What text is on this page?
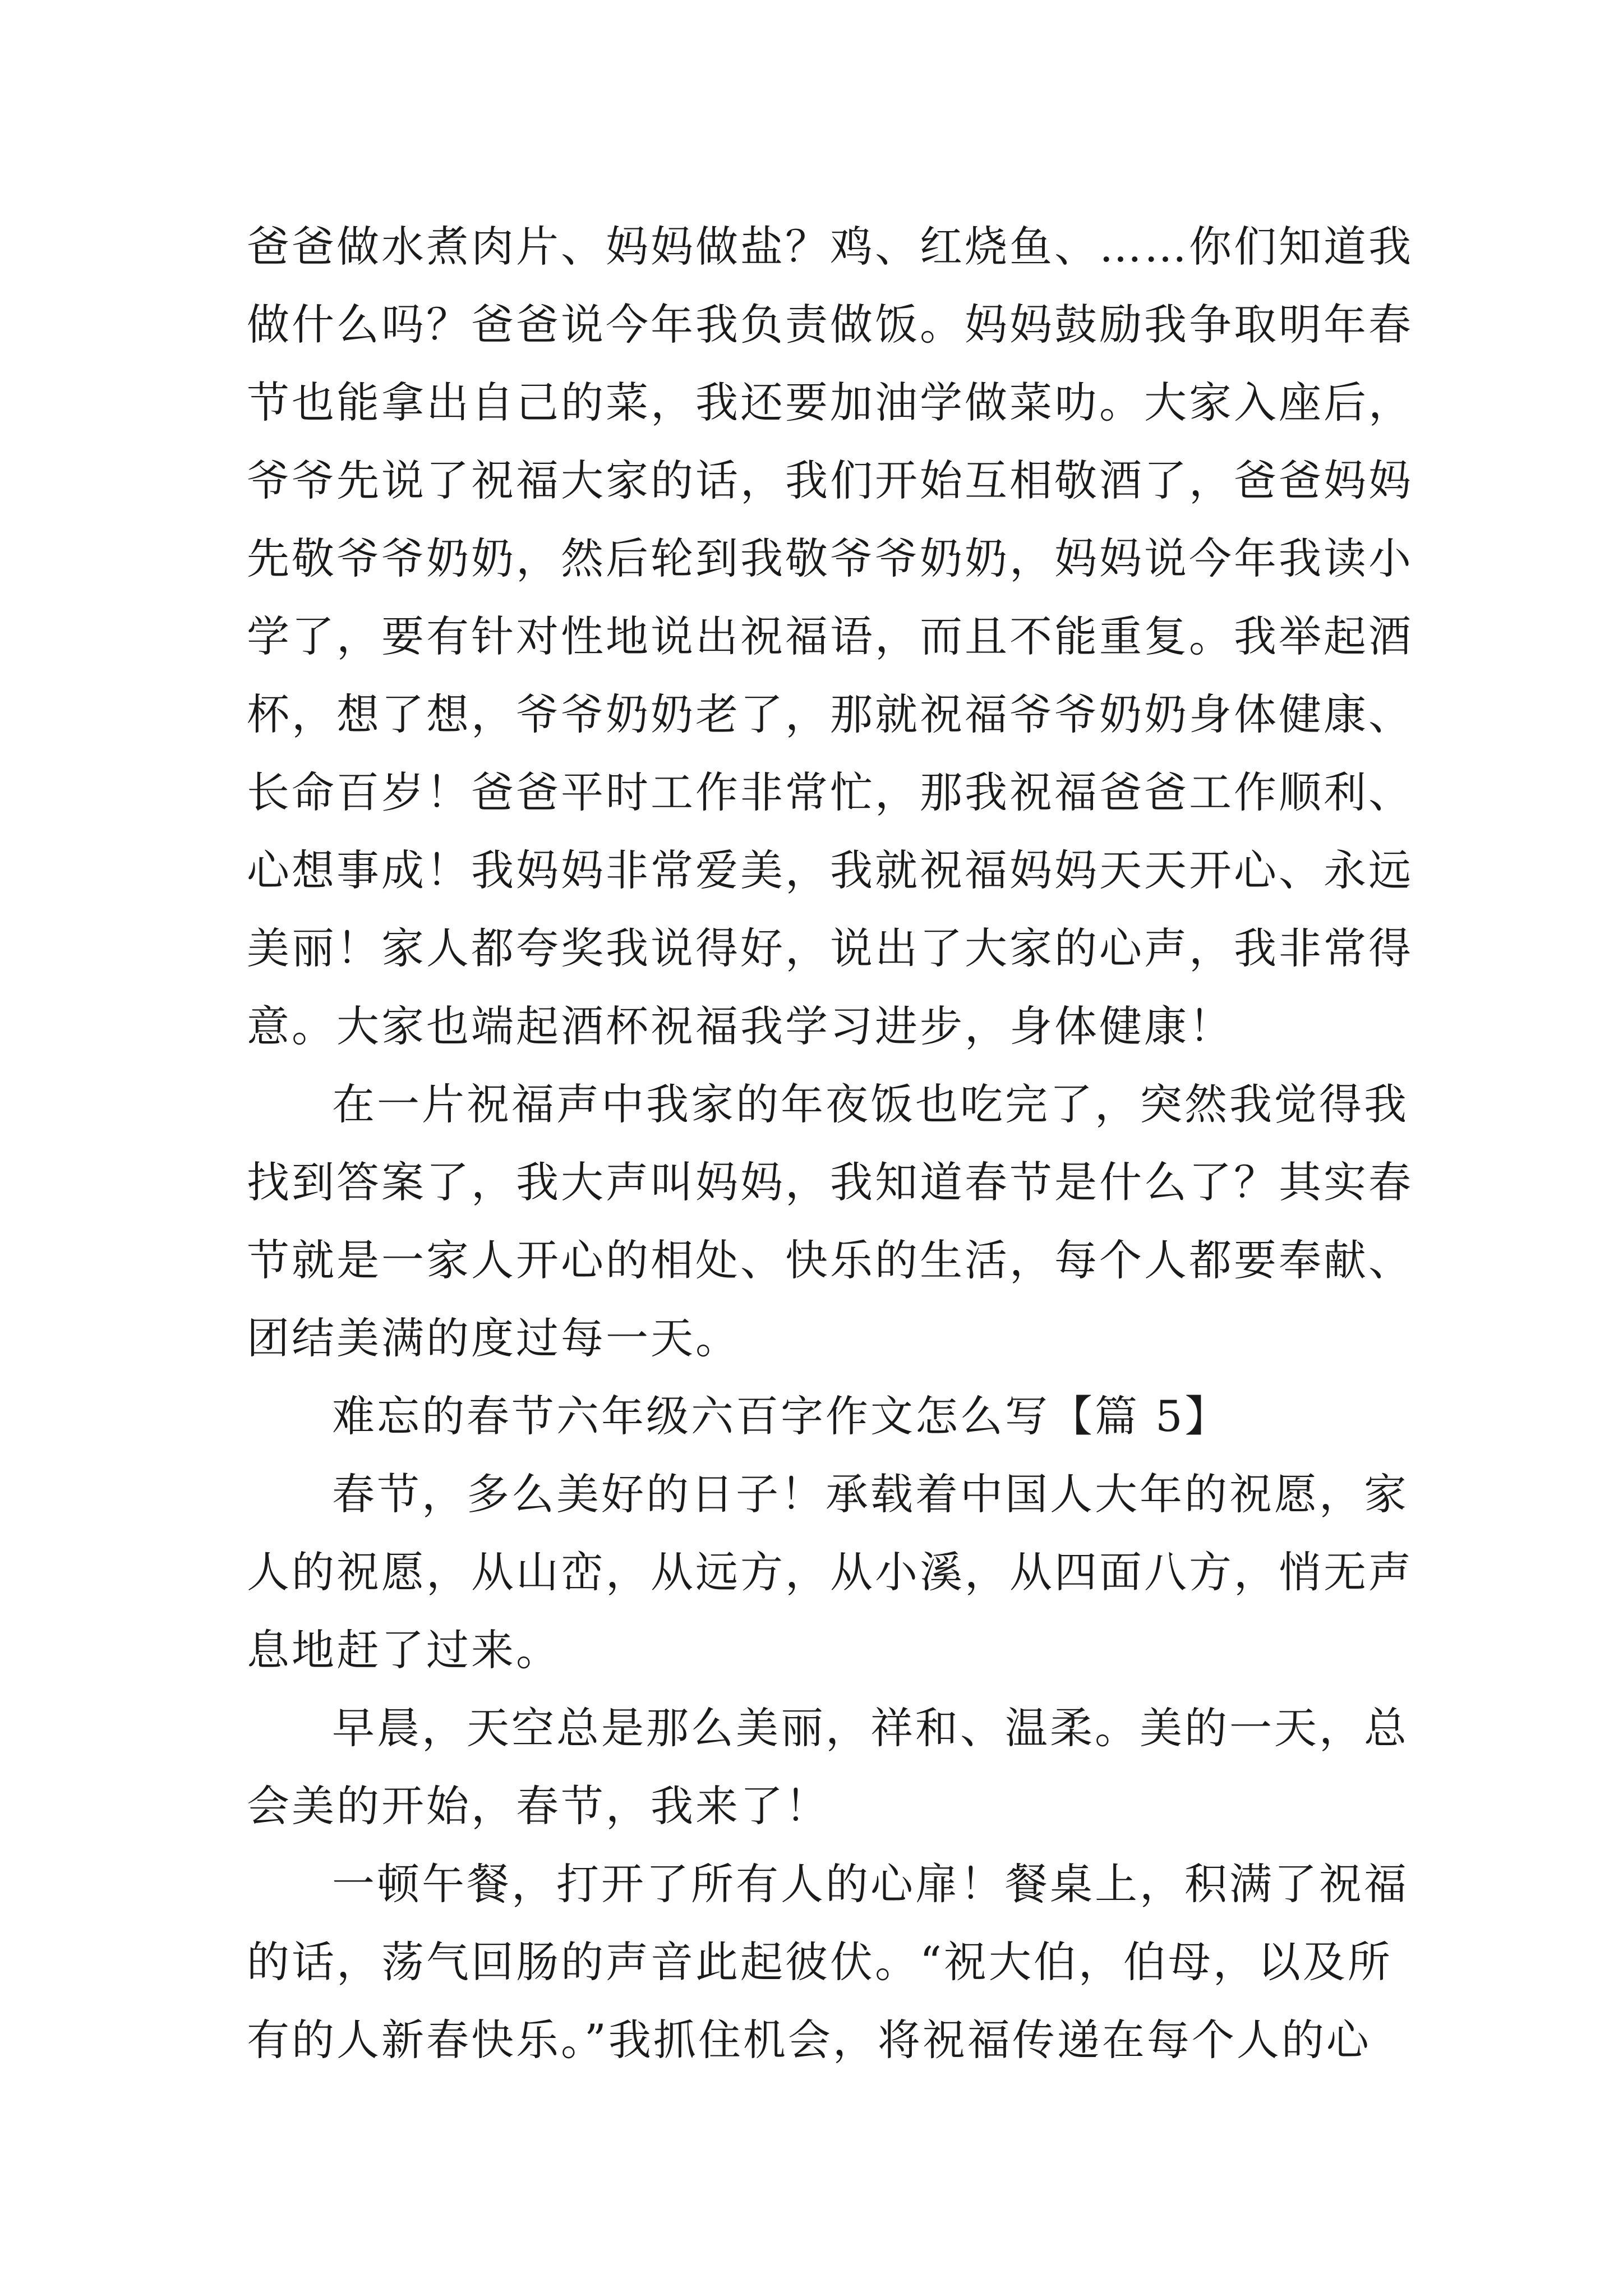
爸爸做水煮肉片、妈妈做盐？鸡、红烧鱼、……你们知道我
做什么吗？爸爸说今年我负责做饭。妈妈鼓励我争取明年春
节也能拿出自己的菜，我还要加油学做菜叻。大家入座后，
爷爷先说了祝福大家的话，我们开始互相敬酒了，爸爸妈妈
先敬爷爷奶奶，然后轮到我敬爷爷奶奶，妈妈说今年我读小
学了，要有针对性地说出祝福语，而且不能重复。我举起酒
杯，想了想，爷爷奶奶老了，那就祝福爷爷奶奶身体健康、
长命百岁！爸爸平时工作非常忙，那我祝福爸爸工作顺利、
心想事成！我妈妈非常爱美，我就祝福妈妈天天开心、永远
美丽！家人都夸奖我说得好，说出了大家的心声，我非常得
意。大家也端起酒杯祝福我学习进步，身体健康！
在一片祝福声中我家的年夜饭也吃完了，突然我觉得我
找到答案了，我大声叫妈妈，我知道春节是什么了？其实春
节就是一家人开心的相处、快乐的生活，每个人都要奉献、
团结美满的度过每一天。
难忘的春节六年级六百字作文怎么写【篇 5】
春节，多么美好的日子！承载着中国人大年的祝愿，家
人的祝愿，从山峦，从远方，从小溪，从四面八方，悄无声
息地赶了过来。
早晨，天空总是那么美丽，祥和、温柔。美的一天，总
会美的开始，春节，我来了！
一顿午餐，打开了所有人的心扉！餐桌上，积满了祝福
的话，荡气回肠的声音此起彼伏。“祝大伯，伯母，以及所
有的人新春快乐。”我抓住机会，将祝福传递在每个人的心
